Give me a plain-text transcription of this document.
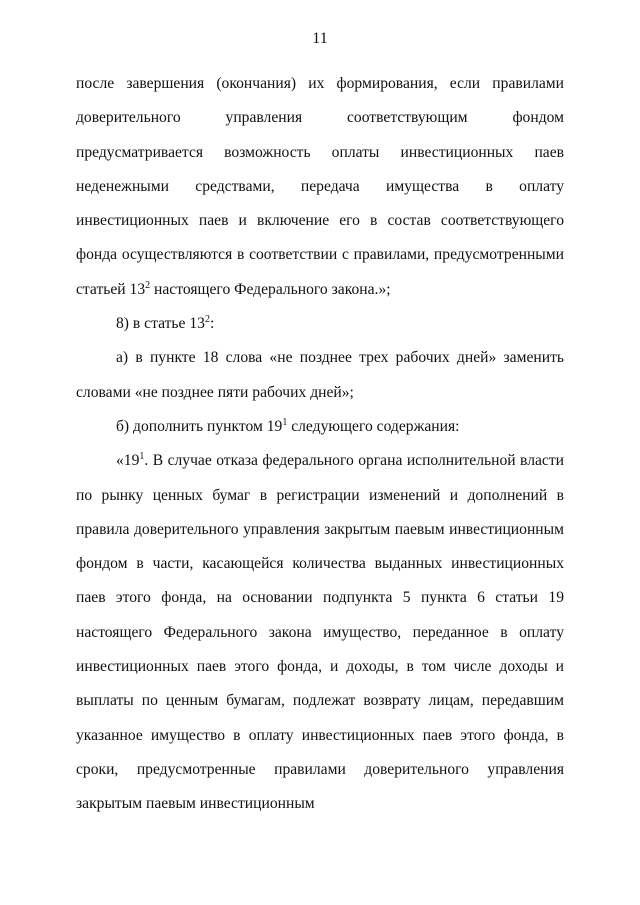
11

после завершения (окончания) их формирования, если правилами доверительного управления соответствующим фондом предусматривается возможность оплаты инвестиционных паев неденежными средствами, передача имущества в оплату инвестиционных паев и включение его в состав соответствующего фонда осуществляются в соответствии с правилами, предусмотренными статьей $13^2$ настоящего Федерального закона.»;

8) в статье $13^2$:

а) в пункте 18 слова «не позднее трех рабочих дней» заменить словами «не позднее пяти рабочих дней»;

б) дополнить пунктом $19^1$ следующего содержания:

«$19^1$. В случае отказа федерального органа исполнительной власти по рынку ценных бумаг в регистрации изменений и дополнений в правила доверительного управления закрытым паевым инвестиционным фондом в части, касающейся количества выданных инвестиционных паев этого фонда, на основании подпункта 5 пункта 6 статьи 19 настоящего Федерального закона имущество, переданное в оплату инвестиционных паев этого фонда, и доходы, в том числе доходы и выплаты по ценным бумагам, подлежат возврату лицам, передавшим указанное имущество в оплату инвестиционных паев этого фонда, в сроки, предусмотренные правилами доверительного управления закрытым паевым инвестиционным
